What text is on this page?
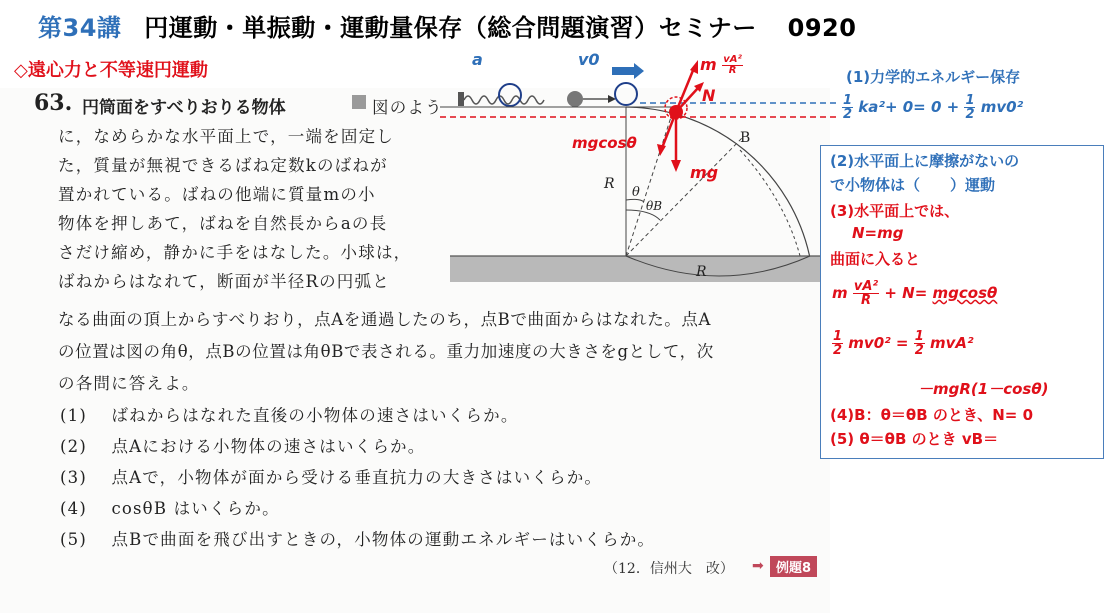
第34講 円運動・単振動・運動量保存（総合問題演習）セミナー 0920
◇遠心力と不等速円運動
63. 円筒面をすべりおりる物体	図のよう
に，なめらかな水平面上で，一端を固定し
た，質量が無視できるばね定数kのばねが
置かれている。ばねの他端に質量mの小
物体を押しあて，ばねを自然長からaの長
さだけ縮め，静かに手をはなした。小球は，
ばねからはなれて，断面が半径Rの円弧と
なる曲面の頂上からすべりおり，点Aを通過したのち，点Bで曲面からはなれた。点A
の位置は図の角θ，点Bの位置は角θBで表される。重力加速度の大きさをgとして，次
の各問に答えよ。
(1) ばねからはなれた直後の小物体の速さはいくらか。
(2) 点Aにおける小物体の速さはいくらか。
(3) 点Aで，小物体が面から受ける垂直抗力の大きさはいくらか。
(4) cosθB はいくらか。
(5) 点Bで曲面を飛び出すときの，小物体の運動エネルギーはいくらか。
（12．信州大　改） ➡ 例題8
B
R
R
θ
θB
a	v0	m $\frac{\text{vA²}}{R}$
N
mgcosθ
mg
(1)力学的エネルギー保存
$\frac{1}{2} ka^2+ 0= 0 + \frac{1}{2} mv0^2$
(2)水平面上に摩擦がないの
で小物体は（　　）運動
(3)水平面上では、
N=mg
曲面に入ると
m $\frac{\text{vA²}}{R} + N= mgcos\theta$
$\frac{1}{2} mv0^2 = \frac{1}{2} mvA^2$
－mgR(1－cosθ)
(4)B：θ＝θB のとき、N= 0
(5) θ＝θB のとき vB＝
